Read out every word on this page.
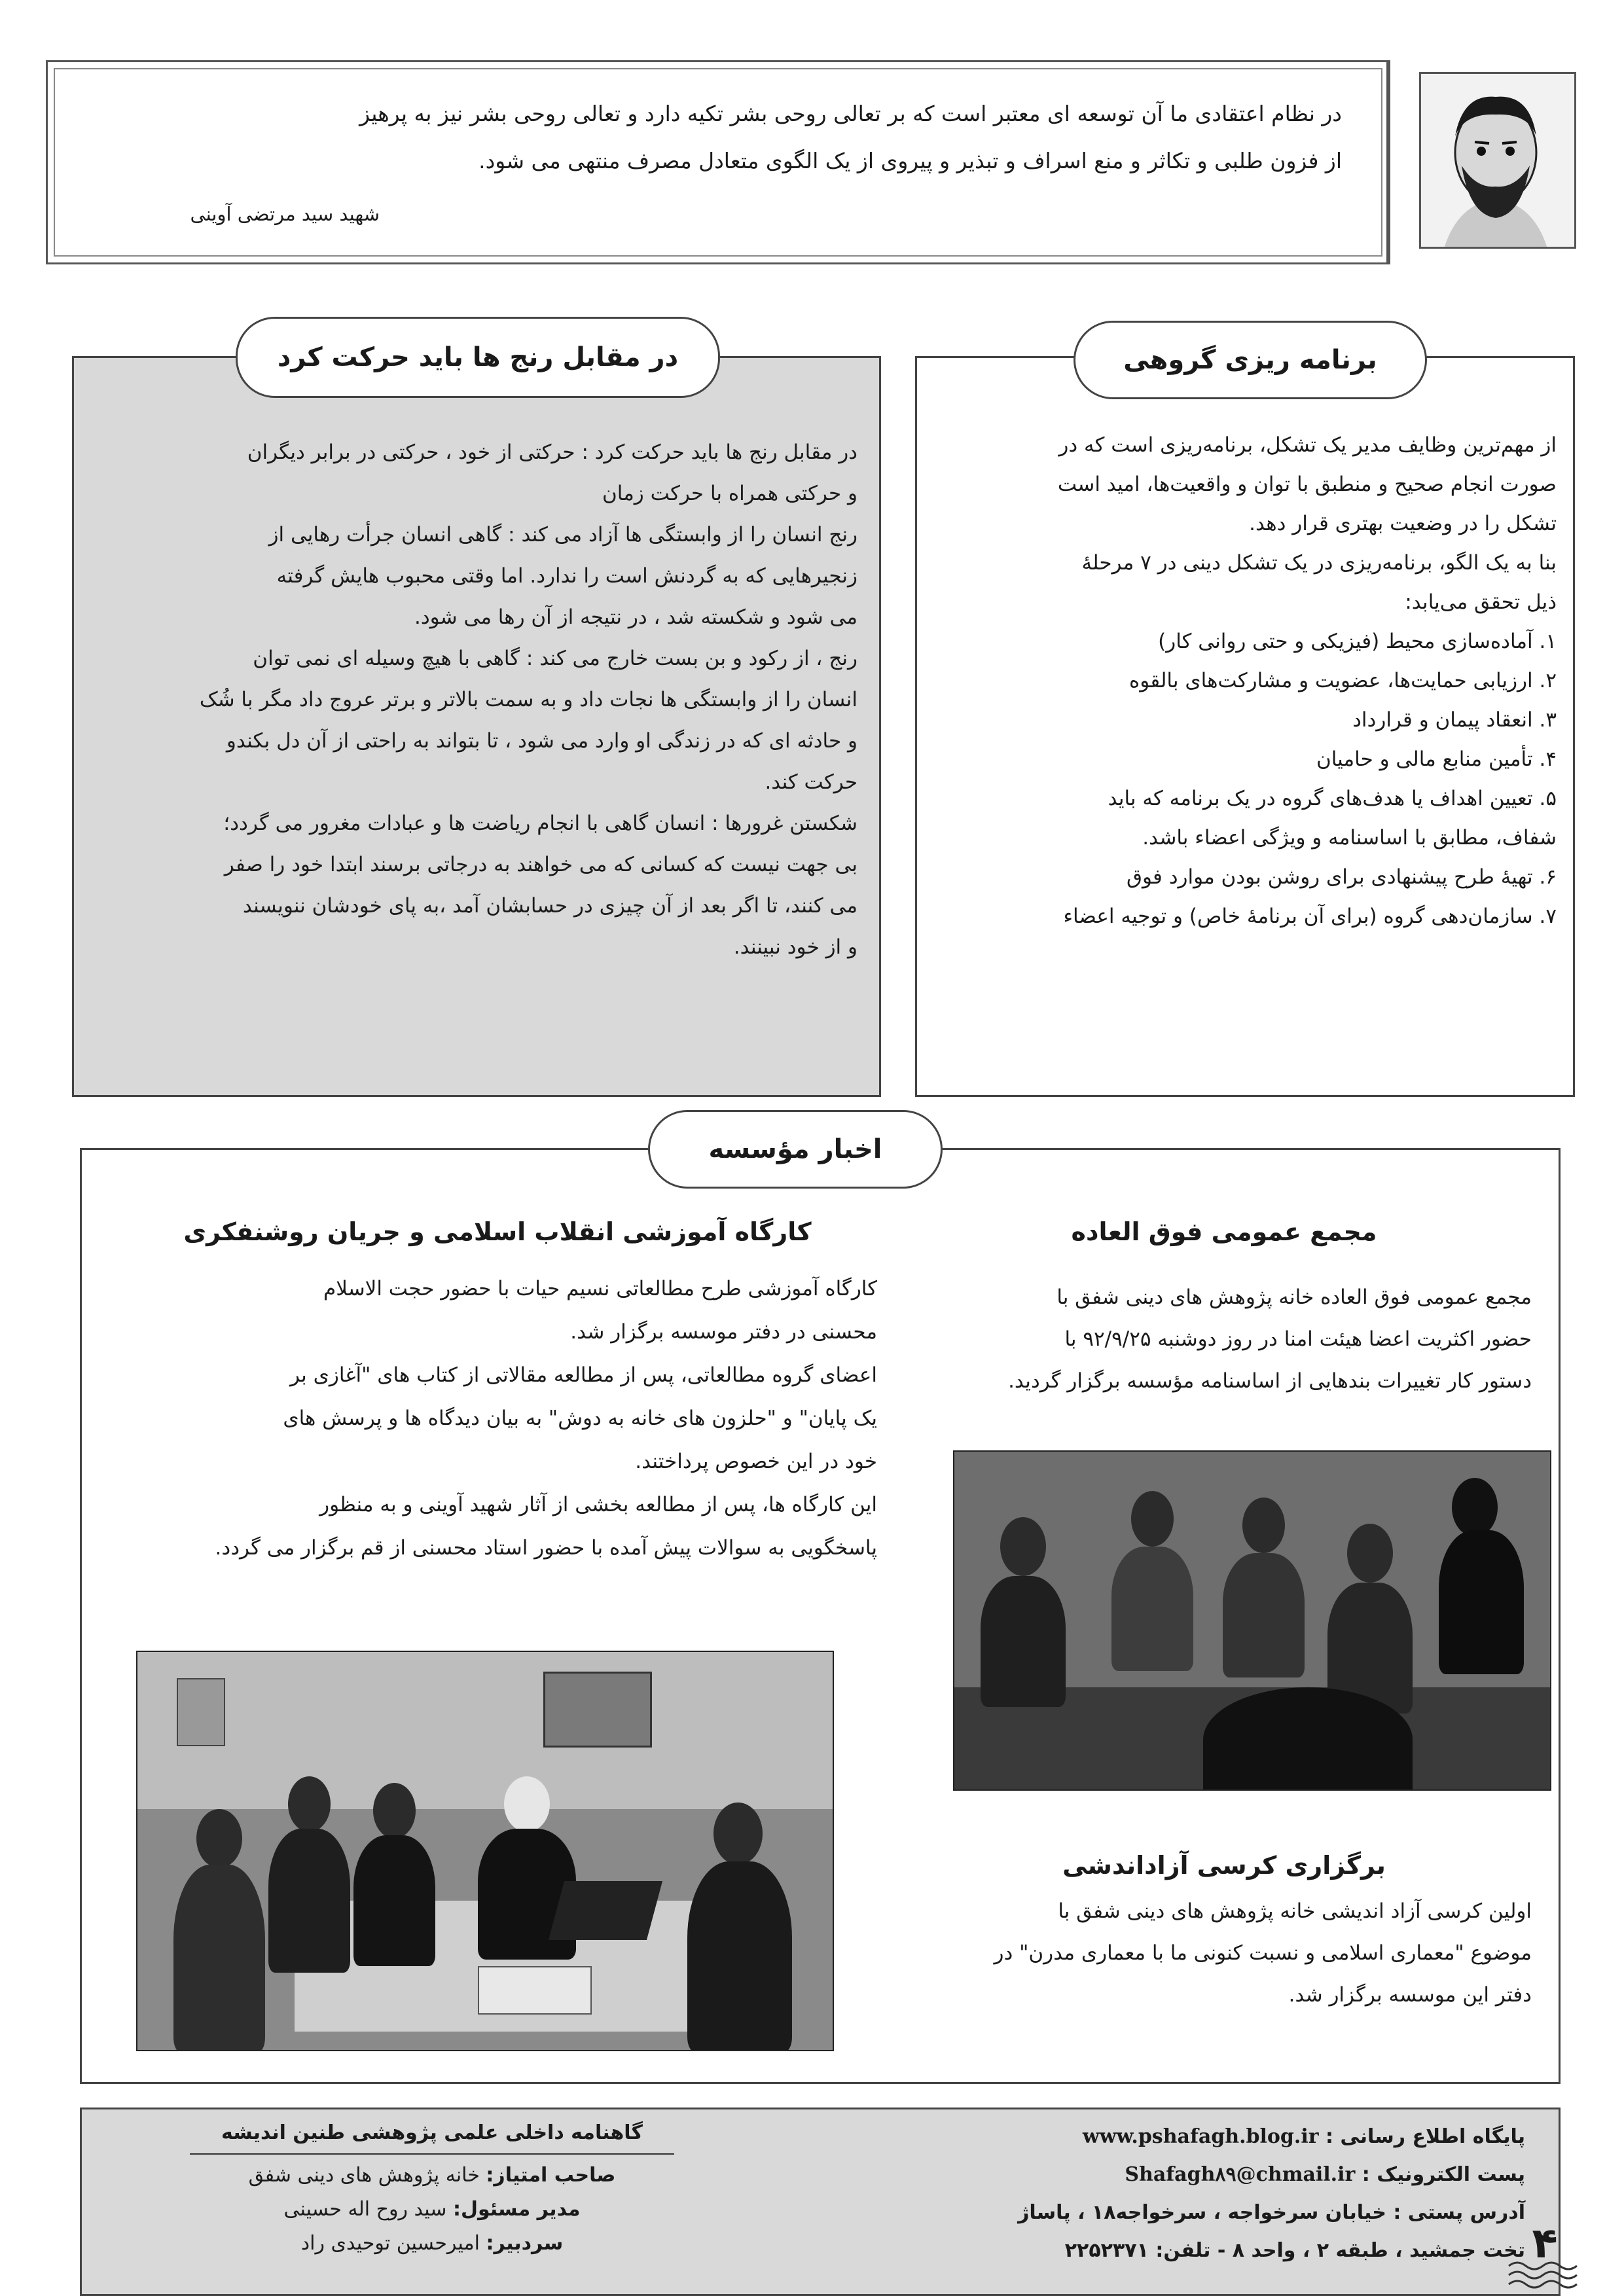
در نظام اعتقادی ما آن توسعه ای معتبر است که بر تعالی روحی بشر تکیه دارد و تعالی روحی بشر نیز به پرهیز
از فزون طلبی و تکاثر و منع اسراف و تبذیر و پیروی از یک الگوی متعادل مصرف منتهی می شود.
شهید سید مرتضی آوینی
برنامه ریزی گروهی

از مهم‌ترین وظایف مدیر یک تشکل، برنامه‌ریزی است که در

صورت انجام صحیح و منطبق با توان و واقعیت‌ها، امید است

تشکل را در وضعیت بهتری قرار دهد.

بنا به یک الگو، برنامه‌ریزی در یک تشکل دینی در ۷ مرحلهٔ

ذیل تحقق می‌یابد:

۱. آماده‌سازی محیط (فیزیکی و حتی روانی کار)

۲. ارزیابی حمایت‌ها، عضویت و مشارکت‌های بالقوه

۳. انعقاد پیمان و قرارداد

۴. تأمین منابع مالی و حامیان

۵. تعیین اهداف یا هدف‌های گروه در یک برنامه که باید

شفاف، مطابق با اساسنامه و ویژگی اعضاء باشد.

۶. تهیهٔ طرح پیشنهادی برای روشن بودن موارد فوق

۷. سازمان‌دهی گروه (برای آن برنامهٔ خاص) و توجیه اعضاء

در مقابل رنج ها باید حرکت کرد

در مقابل رنج ها باید حرکت کرد : حرکتی از خود ، حرکتی در برابر دیگران

و حرکتی همراه با حرکت زمان

رنج انسان را از وابستگی ها آزاد می کند : گاهی انسان جرأت رهایی از

زنجیرهایی که به گردنش است را ندارد. اما وقتی محبوب هایش گرفته

می شود و شکسته شد ، در نتیجه از آن رها می شود.

رنج ، از رکود و بن بست خارج می کند : گاهی با هیچ وسیله ای نمی توان

انسان را از وابستگی ها نجات داد و به سمت بالاتر و برتر عروج داد مگر با شُک

و حادثه ای که در زندگی او وارد می شود ، تا بتواند به راحتی از آن دل بکندو

حرکت کند.

شکستن غرورها : انسان گاهی با انجام ریاضت ها و عبادات مغرور می گردد؛

بی جهت نیست که کسانی که می خواهند به درجاتی برسند ابتدا خود را صفر

می کنند، تا اگر بعد از آن چیزی در حسابشان آمد ،به پای خودشان ننویسند

و از خود نبینند.

اخبار مؤسسه
مجمع عمومی فوق العاده

مجمع عمومی فوق العاده خانه پژوهش های دینی شفق با

حضور اکثریت اعضا هیئت امنا در روز دوشنبه ۹۲/۹/۲۵ با

دستور کار تغییرات بندهایی از اساسنامه مؤسسه برگزار گردید.

برگزاری کرسی آزاداندشی

اولین کرسی آزاد اندیشی خانه پژوهش های دینی شفق با

موضوع "معماری اسلامی و نسبت کنونی ما با معماری مدرن" در

دفتر این موسسه برگزار شد.

کارگاه آموزشی انقلاب اسلامی و جریان روشنفکری

کارگاه آموزشی طرح مطالعاتی نسیم حیات با حضور حجت الاسلام

محسنی در دفتر موسسه برگزار شد.

اعضای گروه مطالعاتی، پس از مطالعه مقالاتی از کتاب های "آغازی بر

یک پایان" و "حلزون های خانه به دوش" به بیان دیدگاه ها و پرسش های

خود در این خصوص پرداختند.

این کارگاه ها، پس از مطالعه بخشی از آثار شهید آوینی و به منظور

پاسخگویی به سوالات پیش آمده با حضور استاد محسنی از قم برگزار می گردد.

گاهنامه داخلی علمی پژوهشی طنین اندیشه
صاحب امتیاز: خانه پژوهش های دینی شفق
مدیر مسئول: سید روح اله حسینی
سردبیر: امیرحسین توحیدی راد
پایگاه اطلاع رسانی : www.pshafagh.blog.ir
پست الکترونیک : Shafagh۸۹@chmail.ir
آدرس پستی : خیابان سرخواجه ، سرخواجه۱۸ ، پاساژ
تخت جمشید ، طبقه ۲ ، واحد ۸ - تلفن: ۲۲۵۲۳۷۱ ۴
